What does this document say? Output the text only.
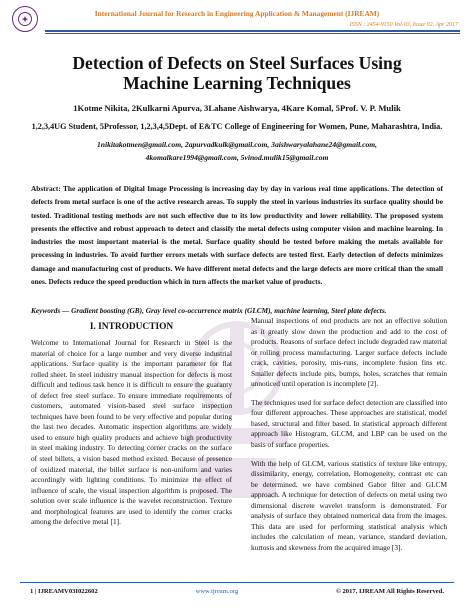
✦
International Journal for Research in Engineering Application & Management (IJREAM)
ISSN : 2454-9150 Vol-03, Issue 02, Apr 2017
Detection of Defects on Steel Surfaces Using
Machine Learning Techniques
1Kotme Nikita, 2Kulkarni Apurva, 3Lahane Aishwarya, 4Kare Komal, 5Prof. V. P. Mulik
1,2,3,4UG Student, 5Professor, 1,2,3,4,5Dept. of E&TC College of Engineering for Women, Pune, Maharashtra, India.
1nikitakotmen@gmail.com, 2apurvadkulk@gmail.com, 3aishwaryalahane24@gmail.com,
4komalkare1994@gmail.com, 5vinod.mulik15@gmail.com
Abstract: The application of Digital Image Processing is increasing day by day in various real time applications. The detection of defects from metal surface is one of the active research areas. To supply the steel in various industries its surface quality should be tested. Traditional testing methods are not such effective due to its low productivity and lower reliability. The proposed system presents the effective and robust approach to detect and classify the metal defects using computer vision and machine learning. In industries the most important material is the metal. Surface quality should be tested before making the metals available for processing in industries. To avoid further errors metals with surface defects are tested first. Early detection of defects minimizes damage and manufacturing cost of products. We have different metal defects and the large defects are more critical than the small ones. Defects reduce the speed production which in turn affects the market value of products.
Keywords — Gradient boosting (GB), Gray level co-occurrence matrix (GLCM), machine learning, Steel plate defects.
I. INTRODUCTION

Welcome to International Journal for Research in Steel is the material of choice for a large number and very diverse industrial applications. Surface quality is the important parameter for flat rolled sheet. In steel industry manual inspection for defects is most difficult and tedious task hence it is difficult to ensure the guaranty of defect free steel surface. To ensure immediate requirements of customers, automated vision-based steel surface inspection techniques have been found to be very effective and popular during the last two decades. Automatic inspection algorithms are widely used to ensure high quality products and achieve high productivity in steel making industry. To detecting corner cracks on the surface of steel billets, a vision based method existed. Because of presence of oxidized material, the billet surface is non-uniform and varies accordingly with lighting conditions. To minimize the effect of influence of scale, the visual inspection algorithm is proposed. The solution over scale influence is the wavelet reconstruction. Texture and morphological features are used to identify the corner cracks among the defective metal [1].

Manual inspections of end products are not an effective solution as it greatly slow down the production and add to the cost of products. Reasons of surface defect include degraded raw material or rolling process manufacturing. Larger surface defects include crack, cavities, porosity, mis-runs, incomplete fusion fins etc. Smaller defects include pits, bumps, holes, scratches that remain unnoticed until operation is incomplete [2].

The techniques used for surface defect detection are classified into four different approaches. These approaches are statistical, model based, structural and filter based. In statistical approach different approach like Histogram, GLCM, and LBP can be used on the basis of surface properties.

With the help of GLCM, various statistics of texture like entropy, dissimilarity, energy, correlation, Homogeneity, contrast etc can be determined. we have combined Gabor filter and GLCM approach. A technique for detection of defects on metal using two dimensional discrete wavelet transform is demonstrated. For analysis of surface they obtained numerical data from the images. This data are used for performing statistical analysis which includes the calculation of mean, variance, standard deviation, kurtosis and skewness from the acquired image [3].

1 | IJREAMV03I022602	www.ijream.org	© 2017, IJREAM All Rights Reserved.
